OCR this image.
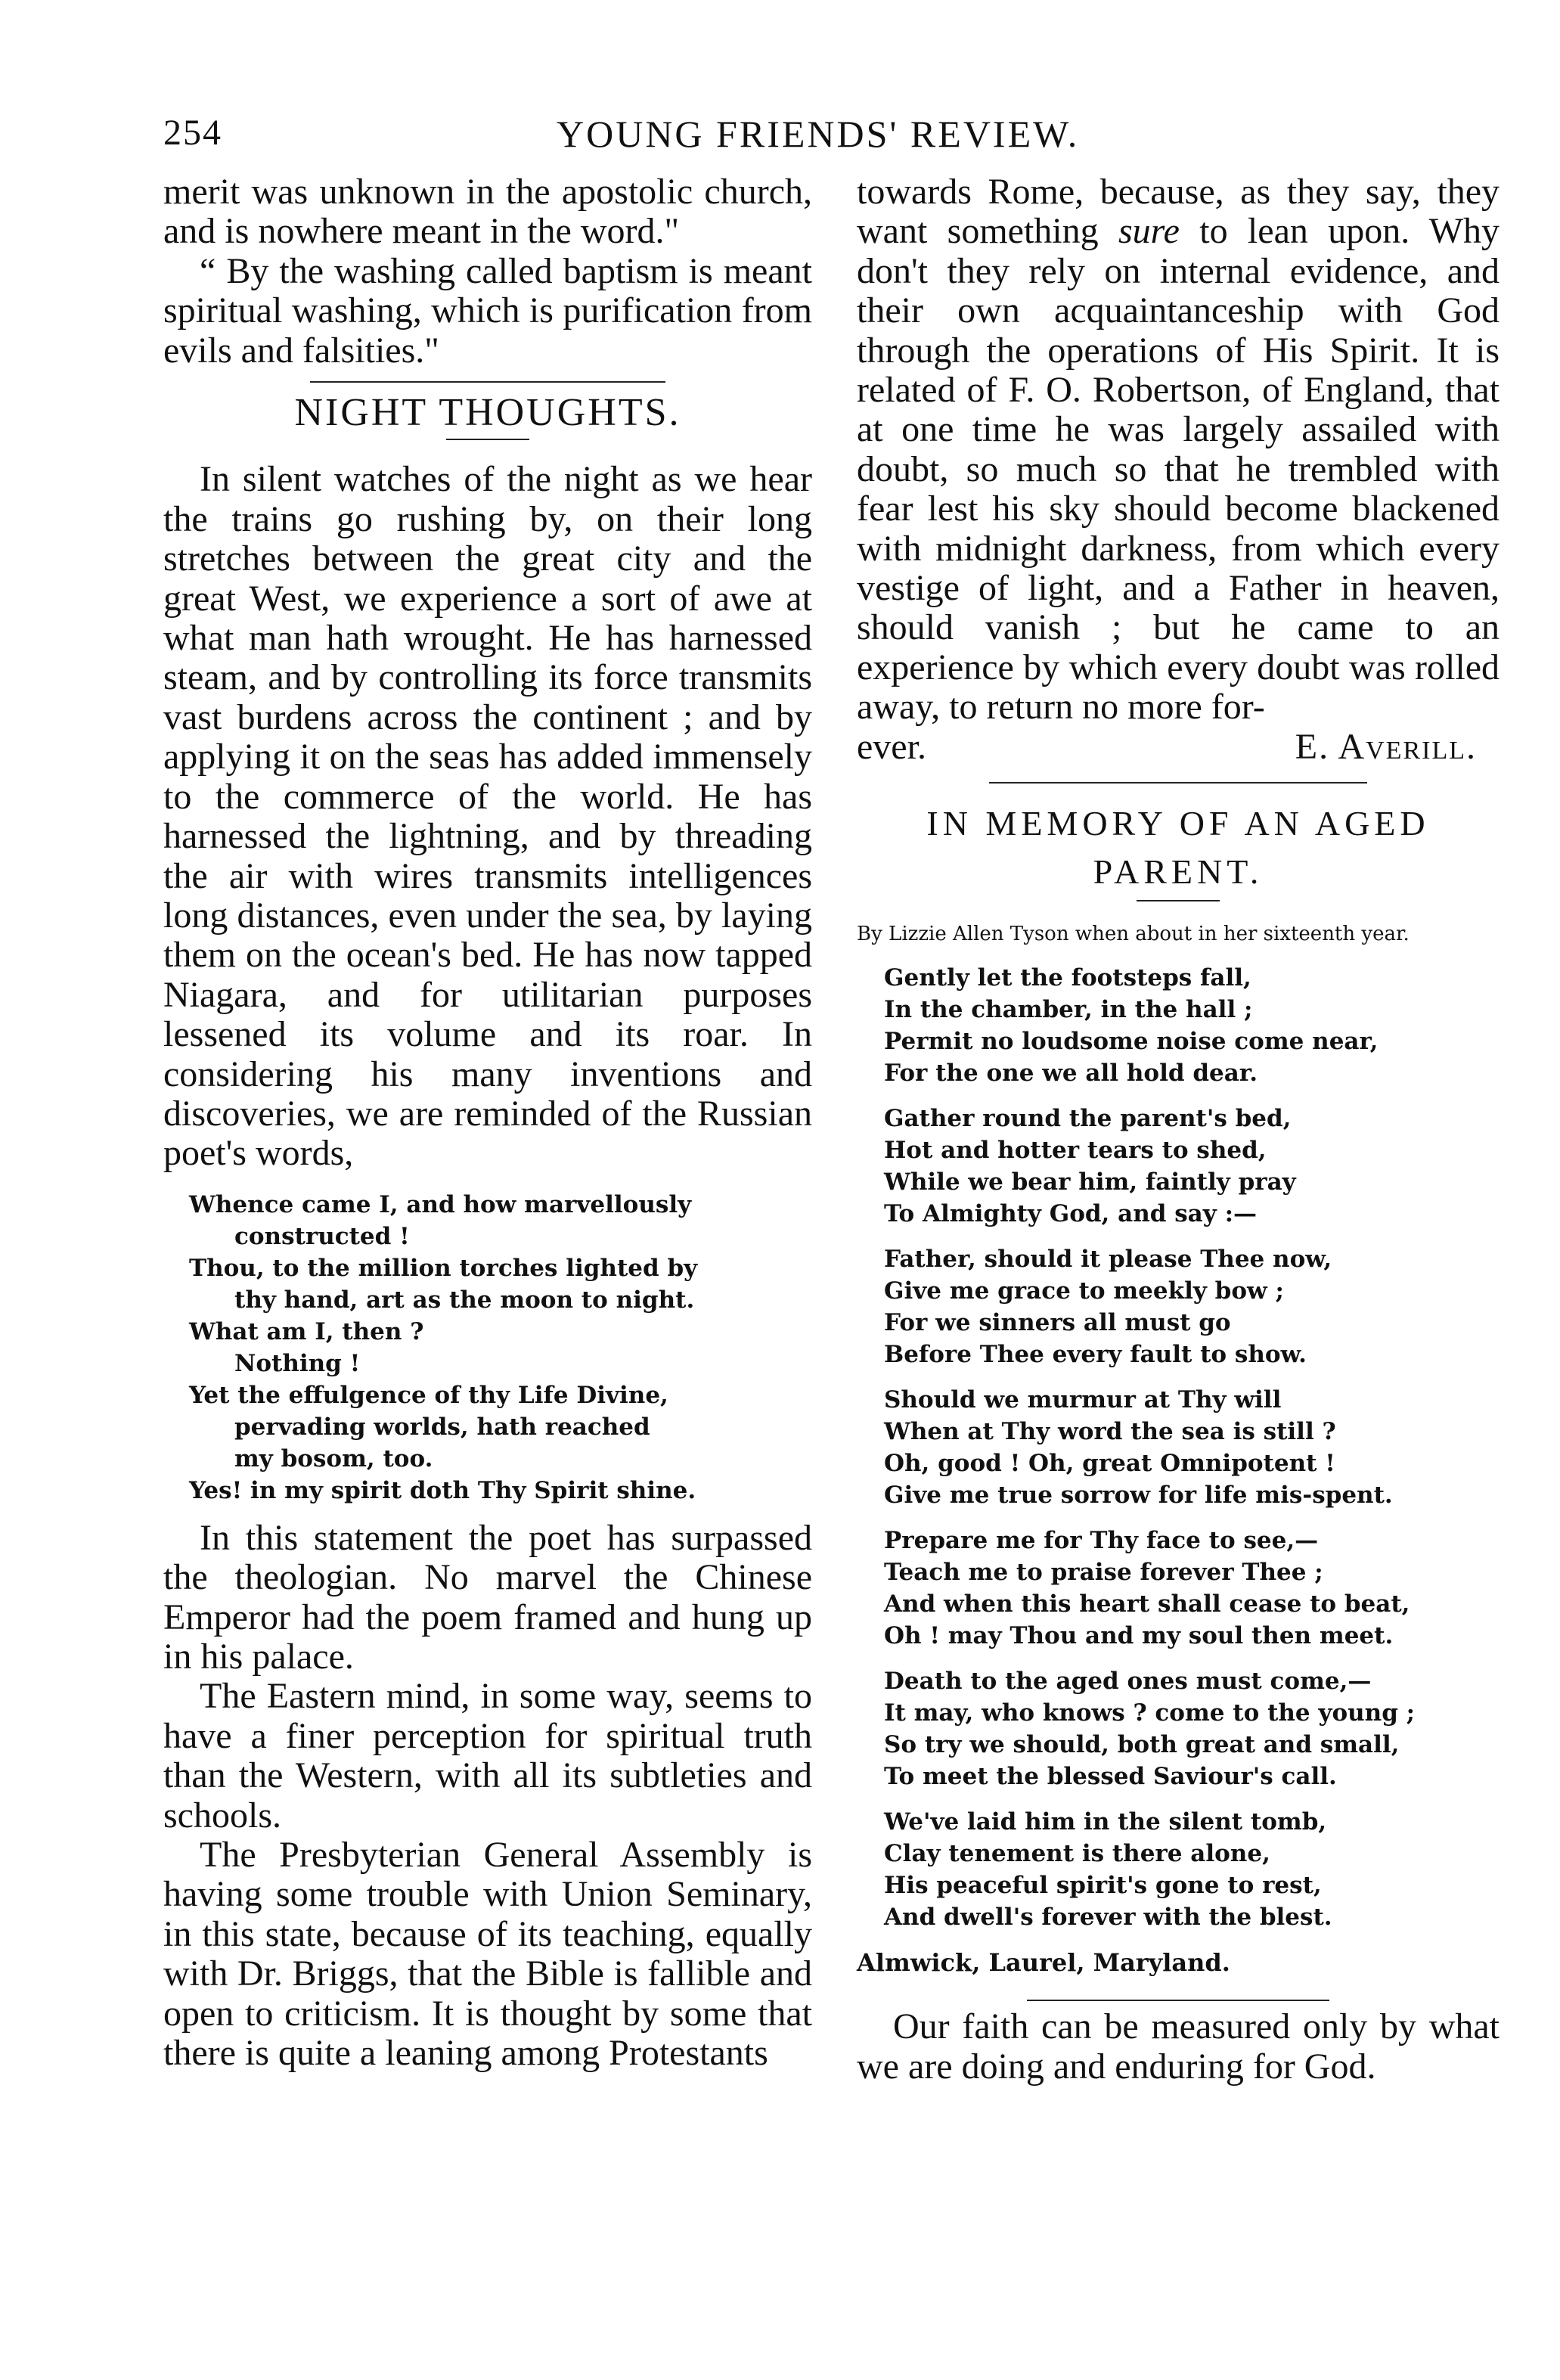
254	YOUNG FRIENDS' REVIEW.

merit was unknown in the apostolic church, and is nowhere meant in the word."

“ By the washing called baptism is meant spiritual washing, which is purification from evils and falsities."

NIGHT THOUGHTS.

In silent watches of the night as we hear the trains go rushing by, on their long stretches between the great city and the great West, we experience a sort of awe at what man hath wrought. He has harnessed steam, and by controlling its force transmits vast burdens across the continent ; and by applying it on the seas has added immensely to the commerce of the world. He has harnessed the lightning, and by threading the air with wires transmits intelligences long distances, even under the sea, by laying them on the ocean's bed. He has now tapped Niagara, and for utilitarian purposes lessened its volume and its roar. In considering his many inventions and discoveries, we are reminded of the Russian poet's words,

Whence came I, and how marvellously
constructed !
Thou, to the million torches lighted by
thy hand, art as the moon to night.
What am I, then ?
Nothing !
Yet the effulgence of thy Life Divine,
pervading worlds, hath reached
my bosom, too.
Yes! in my spirit doth Thy Spirit shine.

In this statement the poet has surpassed the theologian. No marvel the Chinese Emperor had the poem framed and hung up in his palace.

The Eastern mind, in some way, seems to have a finer perception for spiritual truth than the Western, with all its subtleties and schools.

The Presbyterian General Assembly is having some trouble with Union Seminary, in this state, because of its teaching, equally with Dr. Briggs, that the Bible is fallible and open to criticism. It is thought by some that there is quite a leaning among Protestants

towards Rome, because, as they say, they want something sure to lean upon. Why don't they rely on internal evidence, and their own acquaintanceship with God through the operations of His Spirit. It is related of F. O. Robertson, of England, that at one time he was largely assailed with doubt, so much so that he trembled with fear lest his sky should become blackened with midnight darkness, from which every vestige of light, and a Father in heaven, should vanish ; but he came to an experience by which every doubt was rolled away, to return no more for-

ever.	E. Averill.

IN MEMORY OF AN AGED

PARENT.

By Lizzie Allen Tyson when about in her sixteenth year.

Gently let the footsteps fall,
In the chamber, in the hall ;
Permit no loudsome noise come near,
For the one we all hold dear.
Gather round the parent's bed,
Hot and hotter tears to shed,
While we bear him, faintly pray
To Almighty God, and say :—
Father, should it please Thee now,
Give me grace to meekly bow ;
For we sinners all must go
Before Thee every fault to show.
Should we murmur at Thy will
When at Thy word the sea is still ?
Oh, good ! Oh, great Omnipotent !
Give me true sorrow for life mis-spent.
Prepare me for Thy face to see,—
Teach me to praise forever Thee ;
And when this heart shall cease to beat,
Oh ! may Thou and my soul then meet.
Death to the aged ones must come,—
It may, who knows ? come to the young ;
So try we should, both great and small,
To meet the blessed Saviour's call.
We've laid him in the silent tomb,
Clay tenement is there alone,
His peaceful spirit's gone to rest,
And dwell's forever with the blest.

Almwick, Laurel, Maryland.

Our faith can be measured only by what we are doing and enduring for God.
